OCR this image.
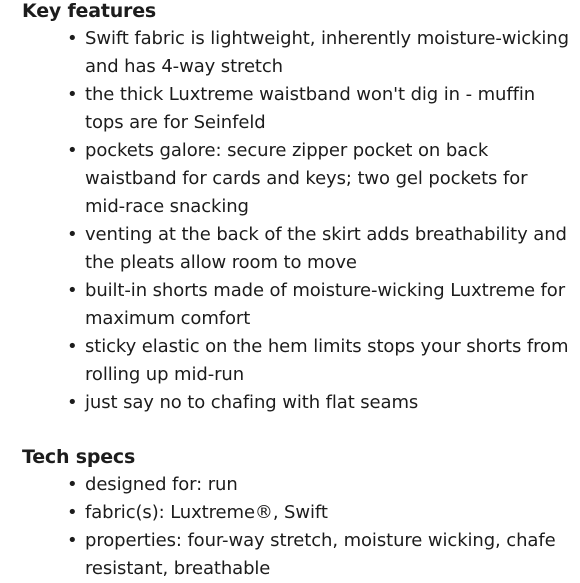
Key features
• Swift fabric is lightweight, inherently moisture-wicking and has 4-way stretch
• the thick Luxtreme waistband won't dig in - muffin tops are for Seinfeld
• pockets galore: secure zipper pocket on back waistband for cards and keys; two gel pockets for mid-race snacking
• venting at the back of the skirt adds breathability and the pleats allow room to move
• built-in shorts made of moisture-wicking Luxtreme for maximum comfort
• sticky elastic on the hem limits stops your shorts from rolling up mid-run
• just say no to chafing with flat seams
Tech specs
• designed for: run
• fabric(s): Luxtreme®, Swift
• properties: four-way stretch, moisture wicking, chafe resistant, breathable
